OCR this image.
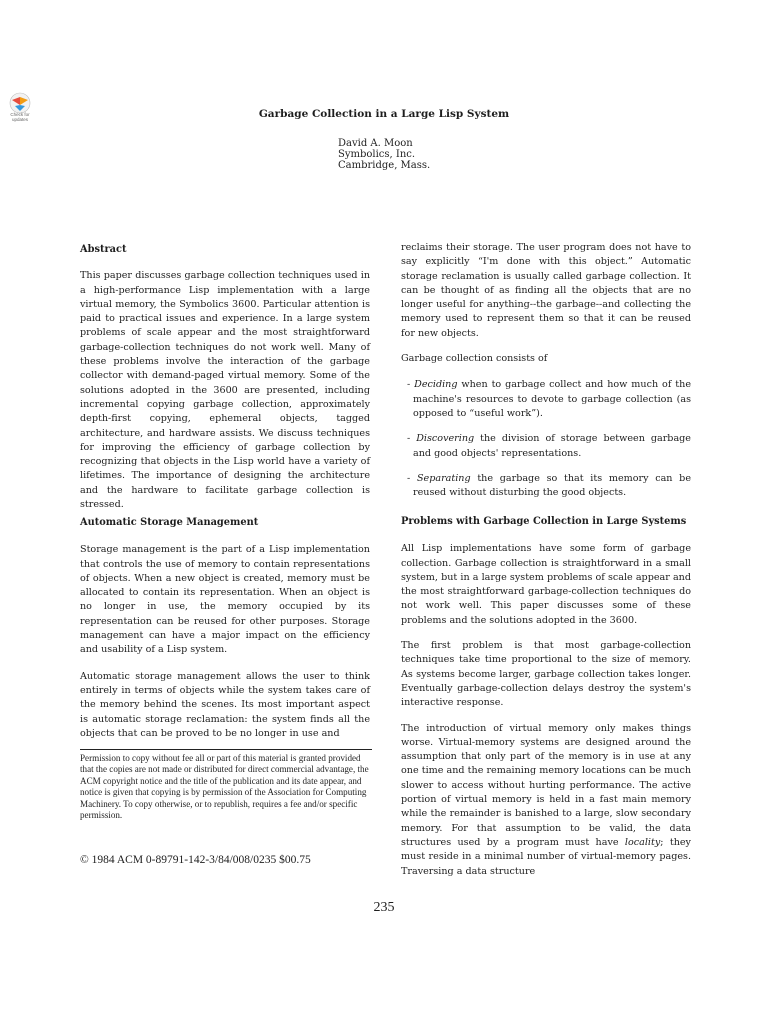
Check for updates	Garbage Collection in a Large Lisp System
David A. Moon
Symbolics, Inc.
Cambridge, Mass.

Abstract

This paper discusses garbage collection techniques used in a high-performance Lisp implementation with a large virtual memory, the Symbolics 3600. Particular attention is paid to practical issues and experience. In a large system problems of scale appear and the most straightforward garbage-collection techniques do not work well. Many of these problems involve the interaction of the garbage collector with demand-paged virtual memory. Some of the solutions adopted in the 3600 are presented, including incremental copying garbage collection, approximately depth-first copying, ephemeral objects, tagged architecture, and hardware assists. We discuss techniques for improving the efficiency of garbage collection by recognizing that objects in the Lisp world have a variety of lifetimes. The importance of designing the architecture and the hardware to facilitate garbage collection is stressed.

Automatic Storage Management

Storage management is the part of a Lisp implementation that controls the use of memory to contain representations of objects. When a new object is created, memory must be allocated to contain its representation. When an object is no longer in use, the memory occupied by its representation can be reused for other purposes. Storage management can have a major impact on the efficiency and usability of a Lisp system.

Automatic storage management allows the user to think entirely in terms of objects while the system takes care of the memory behind the scenes. Its most important aspect is automatic storage reclamation: the system finds all the objects that can be proved to be no longer in use and

Permission to copy without fee all or part of this material is granted provided that the copies are not made or distributed for direct commercial advantage, the ACM copyright notice and the title of the publication and its date appear, and notice is given that copying is by permission of the Association for Computing Machinery. To copy otherwise, or to republish, requires a fee and/or specific permission.
© 1984 ACM 0-89791-142-3/84/008/0235 $00.75

reclaims their storage. The user program does not have to say explicitly “I'm done with this object.” Automatic storage reclamation is usually called garbage collection. It can be thought of as finding all the objects that are no longer useful for anything--the garbage--and collecting the memory used to represent them so that it can be reused for new objects.

Garbage collection consists of

- Deciding when to garbage collect and how much of the machine's resources to devote to garbage collection (as opposed to “useful work”).

- Discovering the division of storage between garbage and good objects' representations.

- Separating the garbage so that its memory can be reused without disturbing the good objects.

Problems with Garbage Collection in Large Systems

All Lisp implementations have some form of garbage collection. Garbage collection is straightforward in a small system, but in a large system problems of scale appear and the most straightforward garbage-collection techniques do not work well. This paper discusses some of these problems and the solutions adopted in the 3600.

The first problem is that most garbage-collection techniques take time proportional to the size of memory. As systems become larger, garbage collection takes longer. Eventually garbage-collection delays destroy the system's interactive response.

The introduction of virtual memory only makes things worse. Virtual-memory systems are designed around the assumption that only part of the memory is in use at any one time and the remaining memory locations can be much slower to access without hurting performance. The active portion of virtual memory is held in a fast main memory while the remainder is banished to a large, slow secondary memory. For that assumption to be valid, the data structures used by a program must have locality; they must reside in a minimal number of virtual-memory pages. Traversing a data structure

235
